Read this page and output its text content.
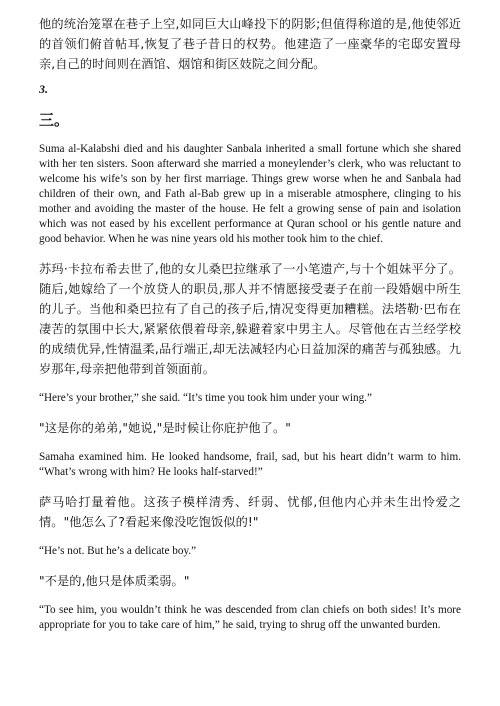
他的统治笼罩在巷子上空,如同巨大山峰投下的阴影;但值得称道的是,他使邻近的首领们俯首帖耳,恢复了巷子昔日的权势。他建造了一座豪华的宅邸安置母亲,自己的时间则在酒馆、烟馆和街区妓院之间分配。

3.

三。

Suma al-Kalabshi died and his daughter Sanbala inherited a small fortune which she shared with her ten sisters. Soon afterward she married a moneylender’s clerk, who was reluctant to welcome his wife’s son by her first marriage. Things grew worse when he and Sanbala had children of their own, and Fath al-Bab grew up in a miserable atmosphere, clinging to his mother and avoiding the master of the house. He felt a growing sense of pain and isolation which was not eased by his excellent performance at Quran school or his gentle nature and good behavior. When he was nine years old his mother took him to the chief.

苏玛·卡拉布希去世了,他的女儿桑巴拉继承了一小笔遗产,与十个姐妹平分了。随后,她嫁给了一个放贷人的职员,那人并不情愿接受妻子在前一段婚姻中所生的儿子。当他和桑巴拉有了自己的孩子后,情况变得更加糟糕。法塔勒·巴布在凄苦的氛围中长大,紧紧依偎着母亲,躲避着家中男主人。尽管他在古兰经学校的成绩优异,性情温柔,品行端正,却无法减轻内心日益加深的痛苦与孤独感。九岁那年,母亲把他带到首领面前。

“Here’s your brother,” she said. “It’s time you took him under your wing.”

"这是你的弟弟,"她说,"是时候让你庇护他了。"

Samaha examined him. He looked handsome, frail, sad, but his heart didn’t warm to him. “What’s wrong with him? He looks half-starved!”

萨马哈打量着他。这孩子模样清秀、纤弱、忧郁,但他内心并未生出怜爱之情。"他怎么了?看起来像没吃饱饭似的!"

“He’s not. But he’s a delicate boy.”

"不是的,他只是体质柔弱。"

“To see him, you wouldn’t think he was descended from clan chiefs on both sides! It’s more appropriate for you to take care of him,” he said, trying to shrug off the unwanted burden.
